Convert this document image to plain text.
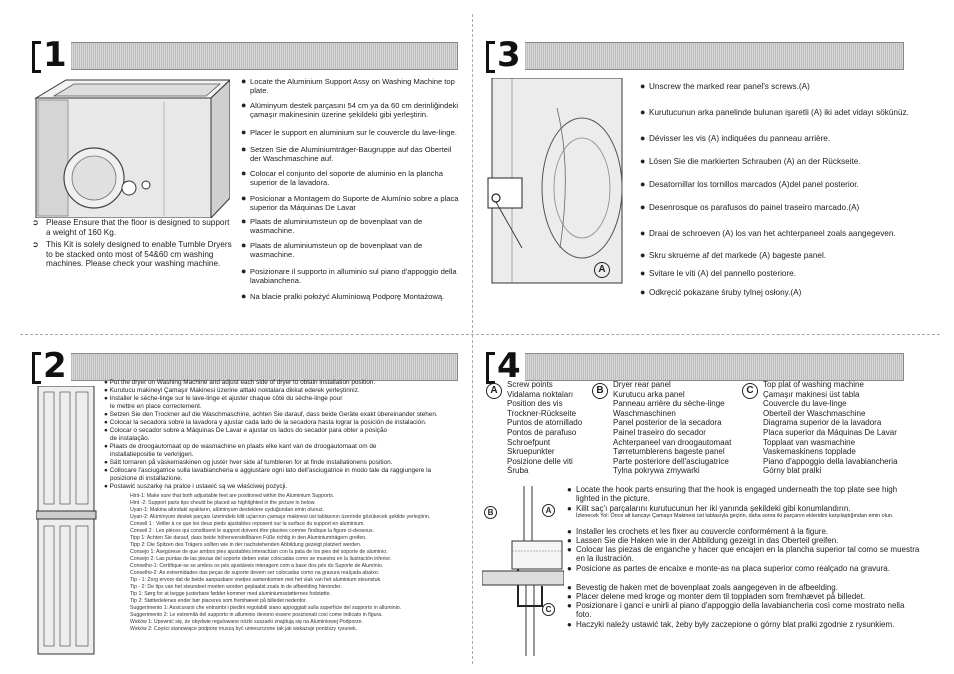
1
➲ Please Ensure that the floor is designed to support a weight of 160 Kg.
➲ This Kit is solely designed to enable Tumble Dryers to be stacked onto most of 54&60 cm washing machines. Please check your washing machine.
● Locate the Aluminium Support Assy on Washing Machine top plate.
● Alüminyum destek parçasını 54 cm ya da 60 cm derinliğindeki çamaşır makinesinin üzerine şekildeki gibi yerleştirin.
● Placer le support en aluminium sur le couvercle du lave-linge.
● Setzen Sie die Aluminiumträger-Baugruppe auf das Oberteil der Waschmaschine auf.
● Colocar el conjunto del soporte de aluminio en la plancha superior de la lavadora.
● Posicionar a Montagem do Suporte de Alumínio sobre a placa superior da Máquinas De Lavar
● Plaats de aluminiumsteun op de bovenplaat van de wasmachine.
● Plaats de aluminiumsteun op de bovenplaat van de wasmachine.
● Posizionare il supporto in alluminio sul piano d'appoggio della lavabiancheria.
● Na blacie pralki położyć Aluminiową Podporę Montażową.
3
A
● Unscrew the marked rear panel's screws.(A)
● Kurutucunun arka panelinde bulunan işaretli (A) iki adet vidayı sökünüz.
● Dévisser les vis (A) indiquées du panneau arrière.
● Lösen Sie die markierten Schrauben (A) an der Rückseite.
● Desatornillar los tornillos marcados (A)del panel posterior.
● Desenrosque os parafusos do painel traseiro marcado.(A)
● Draai de schroeven (A) los van het achterpaneel zoals aangegeven.
● Skru skruerne af det markede (A) bageste panel.
● Svitare le viti (A) del pannello posteriore.
● Odkręcić pokazane śruby tylnej osłony.(A)
2	● Put the dryer on Washing Machine and adjust each side of dryer to obtain installation position.
● Kurutucu makineyi Çamaşır Makinesi üzerine alttaki noktalara dikkat ederek yerleştiriniz.
● Installer le sèche-linge sur le lave-linge et ajuster chaque côté du sèche-linge pour
le mettre en place correctement.
● Setzen Sie den Trockner auf die Waschmaschine, achten Sie darauf, dass beide Geräte exakt übereinander stehen.
● Colocar la secadora sobre la lavadora y ajustar cada lado de la secadora hasta lograr la posición de instalación.
● Colocar o secador sobre a Máquinas De Lavar e ajustar os lados do secador para obter a posição
de instalação.
● Plaats de droogautomaat op de wasmachine en plaats elke kant van de droogautomaat om de
installatiepositie te verkrijgen.
● Sätt tornaren på väskemaskinen og justér hver side af tumbleren for at finde installationens position.
● Collocare l'asciugatrice sulla lavabiancheria e aggiustare ogni lato dell'asciugatrice in modo tale da raggiungere la
posizione di installazione.
● Postawić suszarkę na pralce i ustawić są we właściwej pozycji.
Hint-1: Make sure that both adjustable feet are positioned within the Aluminium Supports.
Hint -2: Support parts tips should be placed as highlighted in the picture in below.
Uyarı-1: Makina altındaki ayakların, alüminyum desteklere uyduğundan emin olunuz.
Uyarı-2: Alüminyum destek parçası üzerindeki kilit uçlarının çamaşır makinesi üst tablasının üzerinde gözükecek şekilde yerleştirin.
Conseil 1 : Veiller à ce que les deux pieds ajustables reposent sur la surface du support en aluminium.
Conseil 2 : Les pièces qui constituent le support doivent être placées comme l'indique la figure ci-dessous.
Tipp 1: Achten Sie darauf, dass beide höhenverstellbaren Füße richtig in den Aluminiumträgern greifen.
Tipp 2: Die Spitzen des Trägers sollten wie in der nachstehenden Abbildung gezeigt platziert werden.
Consejo 1: Asegúrese de que ambos pies ajustables interactúan con la pata de los pies del soporte de aluminio.
Consejo 2: Las puntas de las piezas del soporte deben estar colocadas como se muestra en la ilustración inferior.
Conselho-1: Certifique-se se ambos os pés ajustáveis interagem com a base dos pés do Suporte de Alumínio.
Conselho-2: As extremidades das peças de suporte devem ser colocadas como na gravura realçada abaixo.
Tip - 1: Zorg ervoor dat de beide aanpasbare voetjes samenkomen met het vlak van het aluminium steunstuk.
Tip - 2: De tips van het steundeel moeten worden geplaatst zoals in de afbeelding hieronder.
Tip 1: Sørg for at begge justerbare fødder kommer med aluminiumsstøtternes fodstøtte.
Tip 2: Støttedelenes ender bør placeres som fremhævet på billedet nedenfor.
Suggerimento 1: Assicurarsi che entrambi i piedini regolabili siano appoggiati sulla superficie del supporto in alluminio.
Suggerimento 2: Le estremità del supporto in alluminio devono essere posizionati così come indicato in figura.
Wsków 1: Upewnić się, że obydwie regulowane nóżki suszarki znajdują się na Aluminiowej Podporze.
Wsków 2: Części stanowiące podporę muszą być umieszczone tak jak wskazuje poniższy rysunek.
4
A
Screw points
Vidalama noktaları
Position des vis
Trockner-Rückseite
Puntos de atornillado
Pontos de parafuso
Schroefpunt
Skruepunkter
Posizione delle viti
Śruba
B
Dryer rear panel
Kurutucu arka panel
Panneau arrière du sèche-linge
Waschmaschinen
Panel posterior de la secadora
Painel traseiro do secador
Achterpaneel van droogautomaat
Tørretumblerens bageste panel
Parte posteriore dell'asciugatrice
Tylna pokrywa zmywarki
C
Top plat of washing machine
Çamaşır makinesi üst tabla
Couvercle du lave-linge
Oberteil der Waschmaschine
Diagrama superior de la lavadora
Placa superior da Máquinas De Lavar
Topplaat van wasmachine
Vaskemaskinens topplade
Piano d'appoggio della lavabiancheria
Górny blat pralki
B	A
C
● Locate the hook parts ensuring that the hook is engaged underneath the top plate see high lighted in the picture.
● Kilit saç'ı parçalarını kurutucunun her iki yanında şekildeki gibi konumlandırın.
İzlenecek Yol: Önce alt kancayı Çamaşır Makinesi üst tablasıyla geçirin, daha sonra iki parçanın ekleridini karşılaştığından emin olun.
● Installer les crochets et les fixer au couvercle conformément à la figure.
● Lassen Sie die Haken wie in der Abbildung gezeigt in das Oberteil greifen.
● Colocar las piezas de enganche y hacer que encajen en la plancha superior tal como se muestra en la ilustración.
● Posicione as partes de encaixe e monte-as na placa superior como realçado na gravura.
● Bevestig de haken met de bovenplaat zoals aangegeven in de afbeelding.
● Placer delene med kroge og monter dem til toppladen som fremhævet på billedet.
● Posizionare i ganci e unirli al piano d'appoggio della lavabiancheria così come mostrato nella foto.
● Haczyki należy ustawić tak, żeby były zaczepione o górny blat pralki zgodnie z rysunkiem.
